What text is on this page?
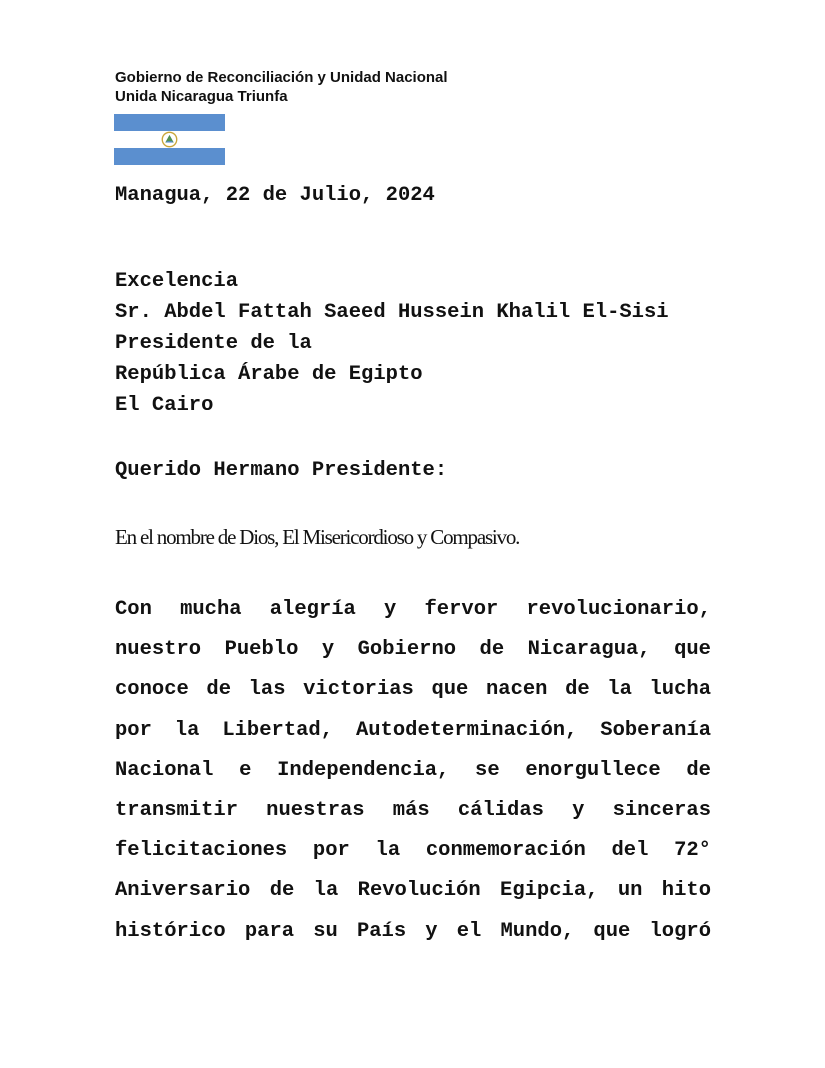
Gobierno de Reconciliación y Unidad Nacional
Unida Nicaragua Triunfa
Managua, 22 de Julio, 2024
Excelencia
Sr. Abdel Fattah Saeed Hussein Khalil El-Sisi
Presidente de la
República Árabe de Egipto
El Cairo
Querido Hermano Presidente:
En el nombre de Dios, El Misericordioso y Compasivo.
Con mucha alegría y fervor revolucionario,
nuestro Pueblo y Gobierno de Nicaragua, que
conoce de las victorias que nacen de la lucha
por la Libertad, Autodeterminación, Soberanía
Nacional e Independencia, se enorgullece de
transmitir nuestras más cálidas y sinceras
felicitaciones por la conmemoración del 72°
Aniversario de la Revolución Egipcia, un hito
histórico para su País y el Mundo, que logró
